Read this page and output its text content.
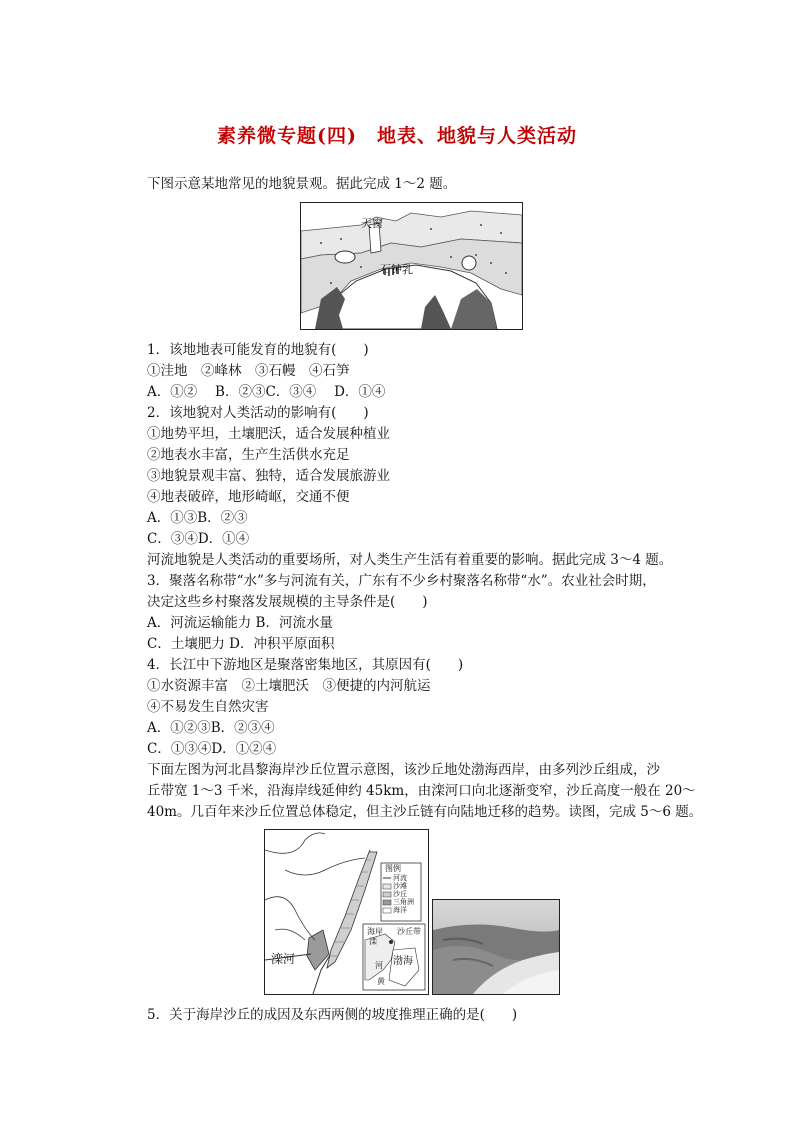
素养微专题(四)　地表、地貌与人类活动
下图示意某地常见的地貌景观。据此完成 1～2 题。
天窗
石钟乳
1．该地地表可能发育的地貌有(　　)
①洼地　②峰林　③石幔　④石笋
A．①②　 B．②③C．③④　 D．①④
2．该地貌对人类活动的影响有(　　)
①地势平坦，土壤肥沃，适合发展种植业
②地表水丰富，生产生活供水充足
③地貌景观丰富、独特，适合发展旅游业
④地表破碎，地形崎岖，交通不便
A．①③B．②③
C．③④D．①④
河流地貌是人类活动的重要场所，对人类生产生活有着重要的影响。据此完成 3～4 题。
3．聚落名称带“水”多与河流有关，广东有不少乡村聚落名称带“水”。农业社会时期，
决定这些乡村聚落发展规模的主导条件是(　　)
A．河流运输能力 B．河流水量
C．土壤肥力 D．冲积平原面积
4．长江中下游地区是聚落密集地区，其原因有(　　)
①水资源丰富　②土壤肥沃　③便捷的内河航运
④不易发生自然灾害
A．①②③B．②③④
C．①③④D．①②④
下面左图为河北昌黎海岸沙丘位置示意图，该沙丘地处渤海西岸，由多列沙丘组成，沙
丘带宽 1～3 千米，沿海岸线延伸约 45km，由滦河口向北逐渐变窄，沙丘高度一般在 20～
40m。几百年来沙丘位置总体稳定，但主沙丘链有向陆地迁移的趋势。读图，完成 5～6 题。
图例
河流
沙滩
沙丘
三角洲
海洋
滦河
海岸 沙丘带
滦
河 渤海
黄
5．关于海岸沙丘的成因及东西两侧的坡度推理正确的是(　　)
